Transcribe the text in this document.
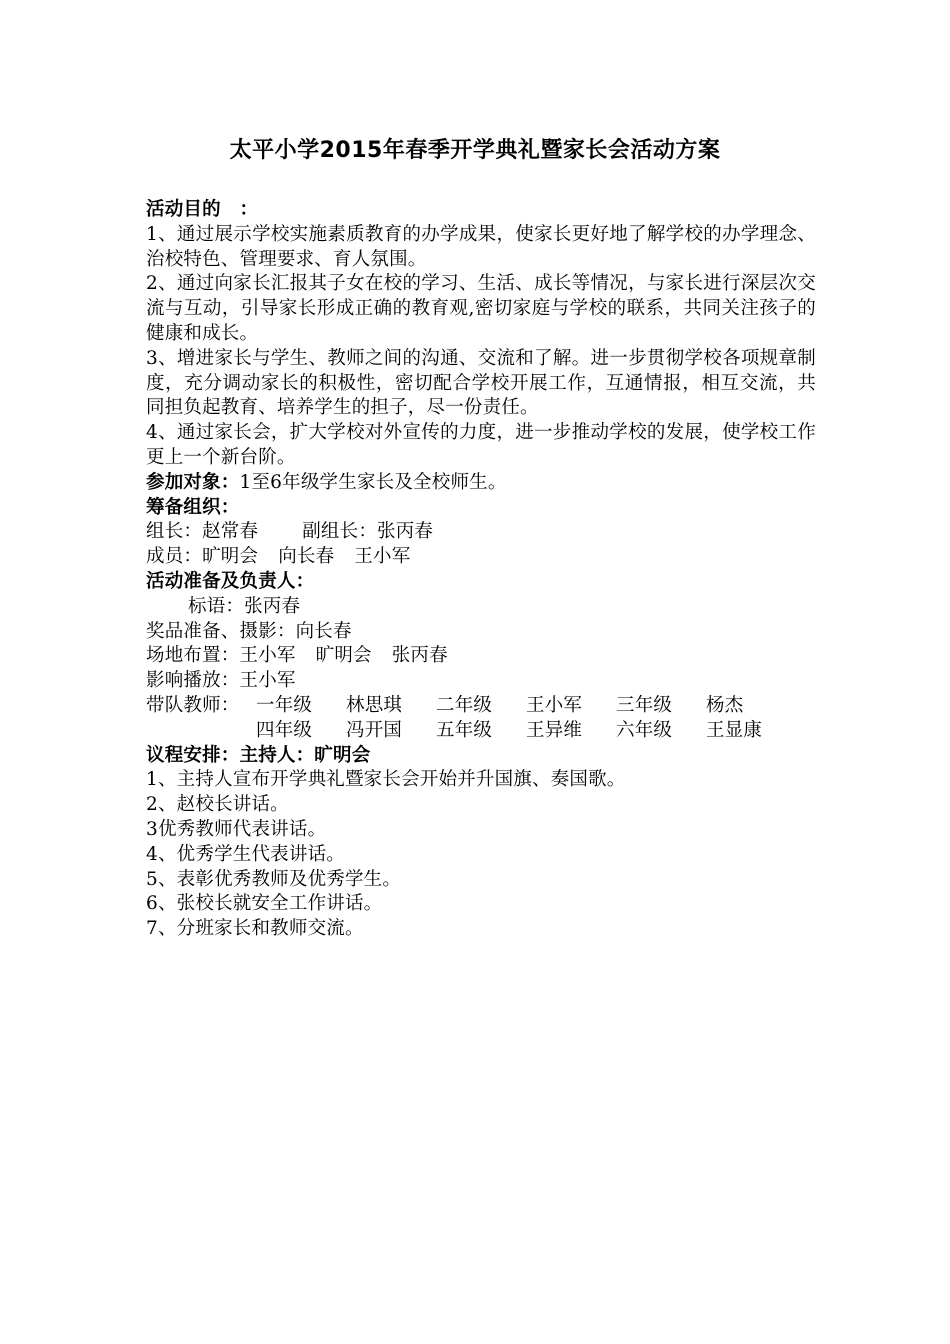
太平小学2015年春季开学典礼暨家长会活动方案

活动目的　：

1、通过展示学校实施素质教育的办学成果，使家长更好地了解学校的办学理念、治校特色、管理要求、育人氛围。

2、通过向家长汇报其子女在校的学习、生活、成长等情况，与家长进行深层次交流与互动，引导家长形成正确的教育观,密切家庭与学校的联系，共同关注孩子的健康和成长。

3、增进家长与学生、教师之间的沟通、交流和了解。进一步贯彻学校各项规章制度，充分调动家长的积极性，密切配合学校开展工作，互通情报，相互交流，共同担负起教育、培养学生的担子，尽一份责任。

4、通过家长会，扩大学校对外宣传的力度，进一步推动学校的发展，使学校工作更上一个新台阶。

参加对象：1至6年级学生家长及全校师生。

筹备组织：

组长：赵常春 副组长：张丙春

成员：旷明会 向长春 王小军

活动准备及负责人：

标语：张丙春

奖品准备、摄影：向长春

场地布置：王小军 旷明会 张丙春

影响播放：王小军

带队教师： 一年级	林思琪	二年级	王小军	三年级	杨杰
四年级	冯开国	五年级	王异维	六年级	王显康

议程安排：主持人：旷明会

1、主持人宣布开学典礼暨家长会开始并升国旗、奏国歌。

2、赵校长讲话。

3优秀教师代表讲话。

4、优秀学生代表讲话。

5、表彰优秀教师及优秀学生。

6、张校长就安全工作讲话。

7、分班家长和教师交流。
